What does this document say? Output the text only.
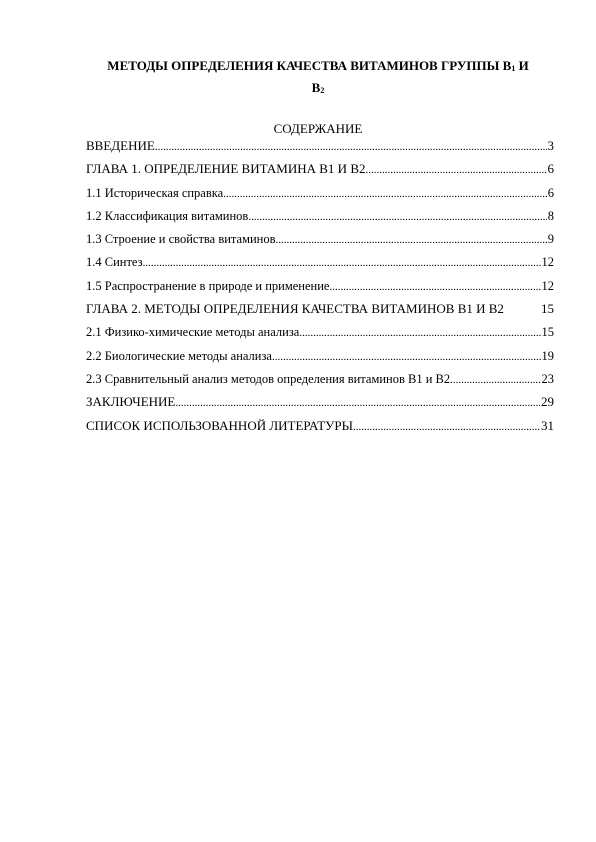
МЕТОДЫ ОПРЕДЕЛЕНИЯ КАЧЕСТВА ВИТАМИНОВ ГРУППЫ $В_1$ И
$В_2$
СОДЕРЖАНИЕ
ВВЕДЕНИЕ .....	3
ГЛАВА 1. ОПРЕДЕЛЕНИЕ ВИТАМИНА В1 И В2 .....	6
1.1 Историческая справка .....	6
1.2 Классификация витаминов .....	8
1.3 Строение и свойства витаминов .....	9
1.4 Синтез .....	12
1.5 Распространение в природе и применение .....	12
ГЛАВА 2. МЕТОДЫ ОПРЕДЕЛЕНИЯ КАЧЕСТВА ВИТАМИНОВ В1 И В2	15
2.1 Физико-химические методы анализа .....	15
2.2 Биологические методы анализа .....	19
2.3 Сравнительный анализ методов определения витаминов В1 и В2 .....	23
ЗАКЛЮЧЕНИЕ .....	29
СПИСОК ИСПОЛЬЗОВАННОЙ ЛИТЕРАТУРЫ .....	31
